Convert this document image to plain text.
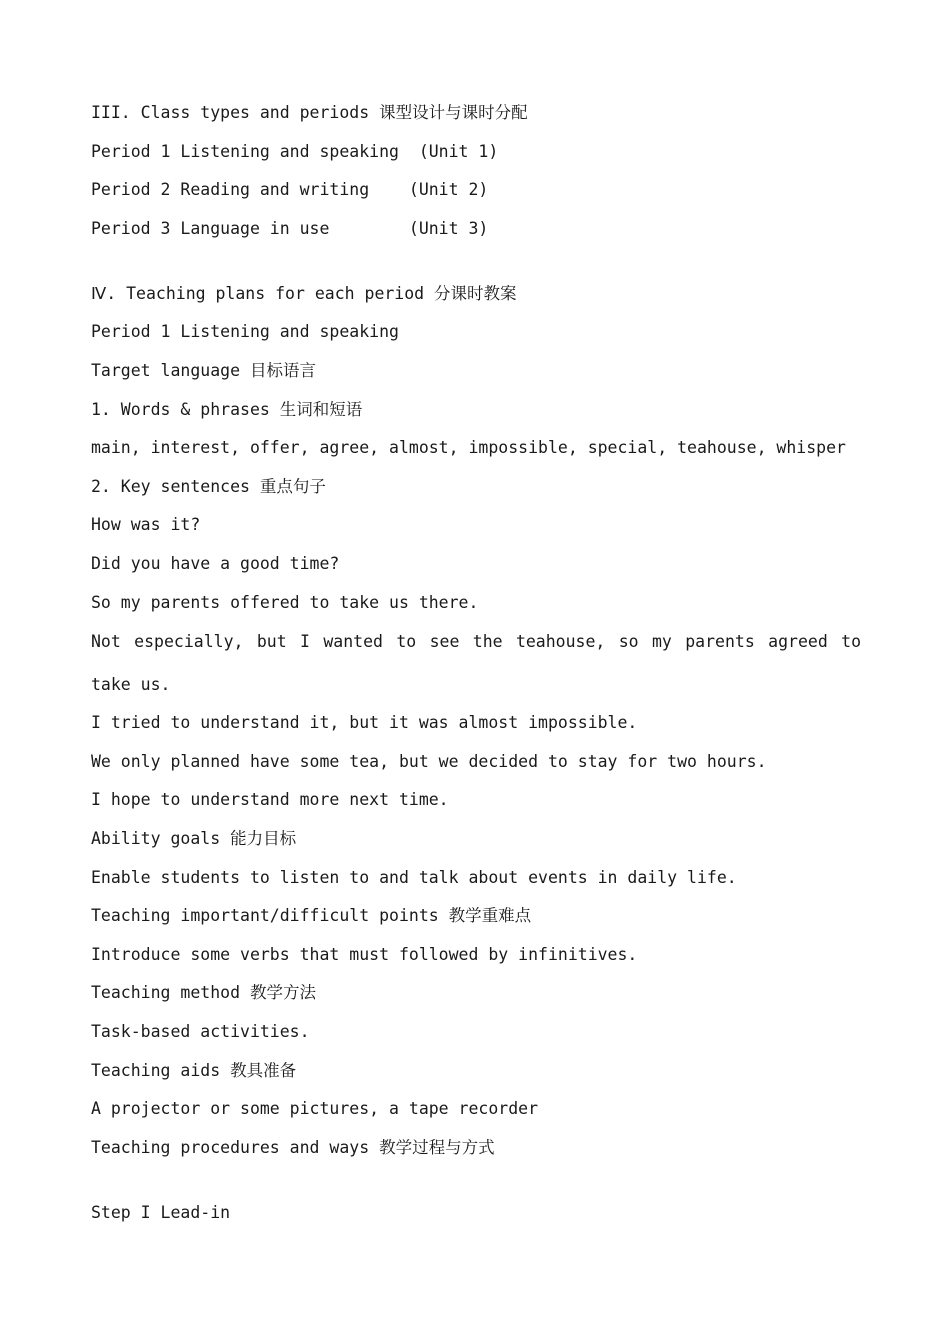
III. Class types and periods 课型设计与课时分配
Period 1 Listening and speaking  (Unit 1)
Period 2 Reading and writing    (Unit 2)
Period 3 Language in use        (Unit 3)
Ⅳ. Teaching plans for each period 分课时教案
Period 1 Listening and speaking
Target language 目标语言
1. Words & phrases 生词和短语
main, interest, offer, agree, almost, impossible, special, teahouse, whisper
2. Key sentences 重点句子
How was it?
Did you have a good time?
So my parents offered to take us there.
Not especially, but I wanted to see the teahouse, so my parents agreed to take us.
I tried to understand it, but it was almost impossible.
We only planned have some tea, but we decided to stay for two hours.
I hope to understand more next time.
Ability goals 能力目标
Enable students to listen to and talk about events in daily life.
Teaching important/difficult points 教学重难点
Introduce some verbs that must followed by infinitives.
Teaching method 教学方法
Task-based activities.
Teaching aids 教具准备
A projector or some pictures, a tape recorder
Teaching procedures and ways 教学过程与方式
Step I Lead-in
